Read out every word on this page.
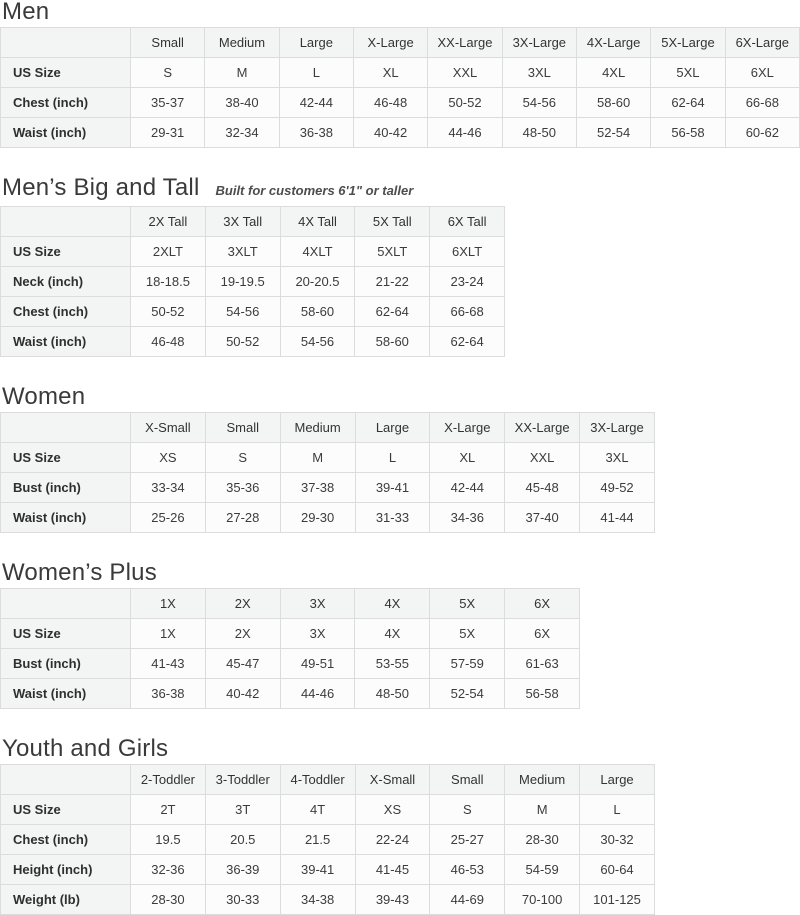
Men
	Small	Medium	Large	X-Large	XX-Large	3X-Large	4X-Large	5X-Large	6X-Large
US Size	S	M	L	XL	XXL	3XL	4XL	5XL	6XL
Chest (inch)	35-37	38-40	42-44	46-48	50-52	54-56	58-60	62-64	66-68
Waist (inch)	29-31	32-34	36-38	40-42	44-46	48-50	52-54	56-58	60-62
Men’s Big and Tall Built for customers 6'1" or taller
	2X Tall	3X Tall	4X Tall	5X Tall	6X Tall
US Size	2XLT	3XLT	4XLT	5XLT	6XLT
Neck (inch)	18-18.5	19-19.5	20-20.5	21-22	23-24
Chest (inch)	50-52	54-56	58-60	62-64	66-68
Waist (inch)	46-48	50-52	54-56	58-60	62-64
Women
	X-Small	Small	Medium	Large	X-Large	XX-Large	3X-Large
US Size	XS	S	M	L	XL	XXL	3XL
Bust (inch)	33-34	35-36	37-38	39-41	42-44	45-48	49-52
Waist (inch)	25-26	27-28	29-30	31-33	34-36	37-40	41-44
Women’s Plus
	1X	2X	3X	4X	5X	6X
US Size	1X	2X	3X	4X	5X	6X
Bust (inch)	41-43	45-47	49-51	53-55	57-59	61-63
Waist (inch)	36-38	40-42	44-46	48-50	52-54	56-58
Youth and Girls
	2-Toddler	3-Toddler	4-Toddler	X-Small	Small	Medium	Large
US Size	2T	3T	4T	XS	S	M	L
Chest (inch)	19.5	20.5	21.5	22-24	25-27	28-30	30-32
Height (inch)	32-36	36-39	39-41	41-45	46-53	54-59	60-64
Weight (lb)	28-30	30-33	34-38	39-43	44-69	70-100	101-125
